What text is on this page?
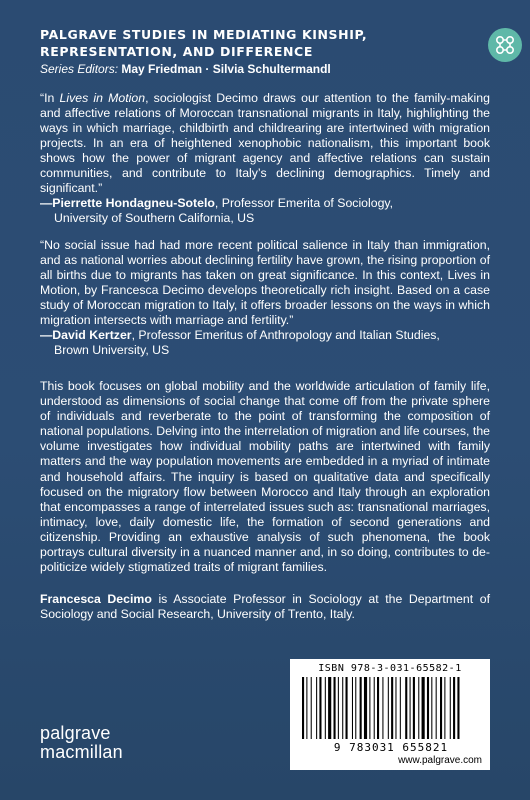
PALGRAVE STUDIES IN MEDIATING KINSHIP, REPRESENTATION, AND DIFFERENCE

Series Editors: May Friedman · Silvia Schultermandl

“In Lives in Motion, sociologist Decimo draws our attention to the family-making and affective relations of Moroccan transnational migrants in Italy, highlighting the ways in which marriage, childbirth and childrearing are intertwined with migration projects. In an era of heightened xenophobic nationalism, this important book shows how the power of migrant agency and affective relations can sustain communities, and contribute to Italy’s declining demographics. Timely and significant.”

—Pierrette Hondagneu-Sotelo, Professor Emerita of Sociology,

University of Southern California, US

“No social issue had had more recent political salience in Italy than immigration, and as national worries about declining fertility have grown, the rising proportion of all births due to migrants has taken on great significance. In this context, Lives in Motion, by Francesca Decimo develops theoretically rich insight. Based on a case study of Moroccan migration to Italy, it offers broader lessons on the ways in which migration intersects with marriage and fertility.”

—David Kertzer, Professor Emeritus of Anthropology and Italian Studies,

Brown University, US

This book focuses on global mobility and the worldwide articulation of family life, understood as dimensions of social change that come off from the private sphere of individuals and reverberate to the point of transforming the composition of national populations. Delving into the interrelation of migration and life courses, the volume investigates how individual mobility paths are intertwined with family matters and the way population movements are embedded in a myriad of intimate and household affairs. The inquiry is based on qualitative data and specifically focused on the migratory flow between Morocco and Italy through an exploration that encompasses a range of interrelated issues such as: transnational marriages, intimacy, love, daily domestic life, the formation of second generations and citizenship. Providing an exhaustive analysis of such phenomena, the book portrays cultural diversity in a nuanced manner and, in so doing, contributes to de-politicize widely stigmatized traits of migrant families.

Francesca Decimo is Associate Professor in Sociology at the Department of Sociology and Social Research, University of Trento, Italy.

ISBN 978-3-031-65582-1
9 783031 655821
www.palgrave.com
palgrave
macmillan
